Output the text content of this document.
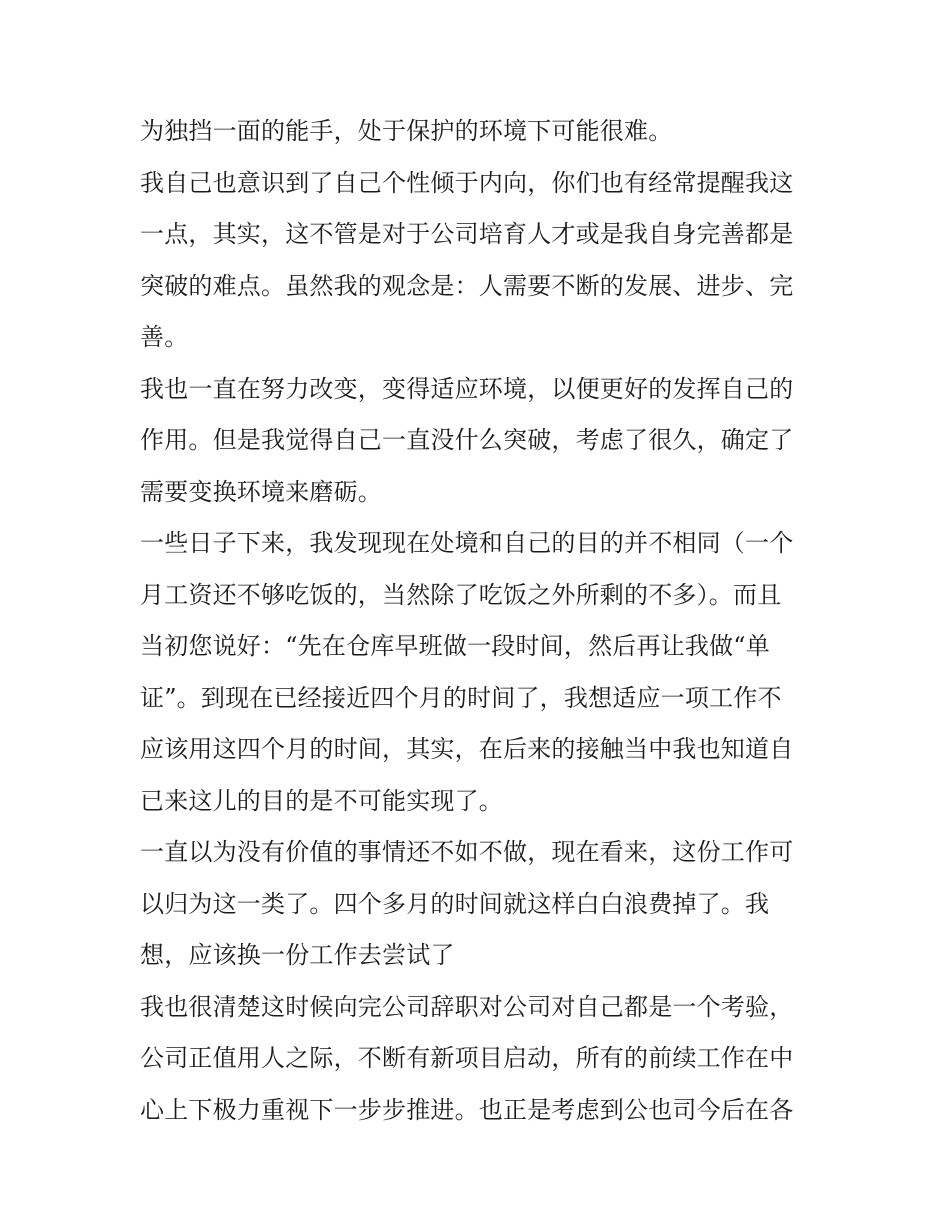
为独挡一面的能手，处于保护的环境下可能很难。
我自己也意识到了自己个性倾于内向，你们也有经常提醒我这
一点，其实，这不管是对于公司培育人才或是我自身完善都是
突破的难点。虽然我的观念是：人需要不断的发展、进步、完
善。
我也一直在努力改变，变得适应环境，以便更好的发挥自己的
作用。但是我觉得自己一直没什么突破，考虑了很久，确定了
需要变换环境来磨砺。
一些日子下来，我发现现在处境和自己的目的并不相同（一个
月工资还不够吃饭的，当然除了吃饭之外所剩的不多）。而且
当初您说好：“先在仓库早班做一段时间，然后再让我做“单
证”。到现在已经接近四个月的时间了，我想适应一项工作不
应该用这四个月的时间，其实，在后来的接触当中我也知道自
已来这儿的目的是不可能实现了。
一直以为没有价值的事情还不如不做，现在看来，这份工作可
以归为这一类了。四个多月的时间就这样白白浪费掉了。我
想，应该换一份工作去尝试了
我也很清楚这时候向完公司辞职对公司对自己都是一个考验，
公司正值用人之际，不断有新项目启动，所有的前续工作在中
心上下极力重视下一步步推进。也正是考虑到公也司今后在各
